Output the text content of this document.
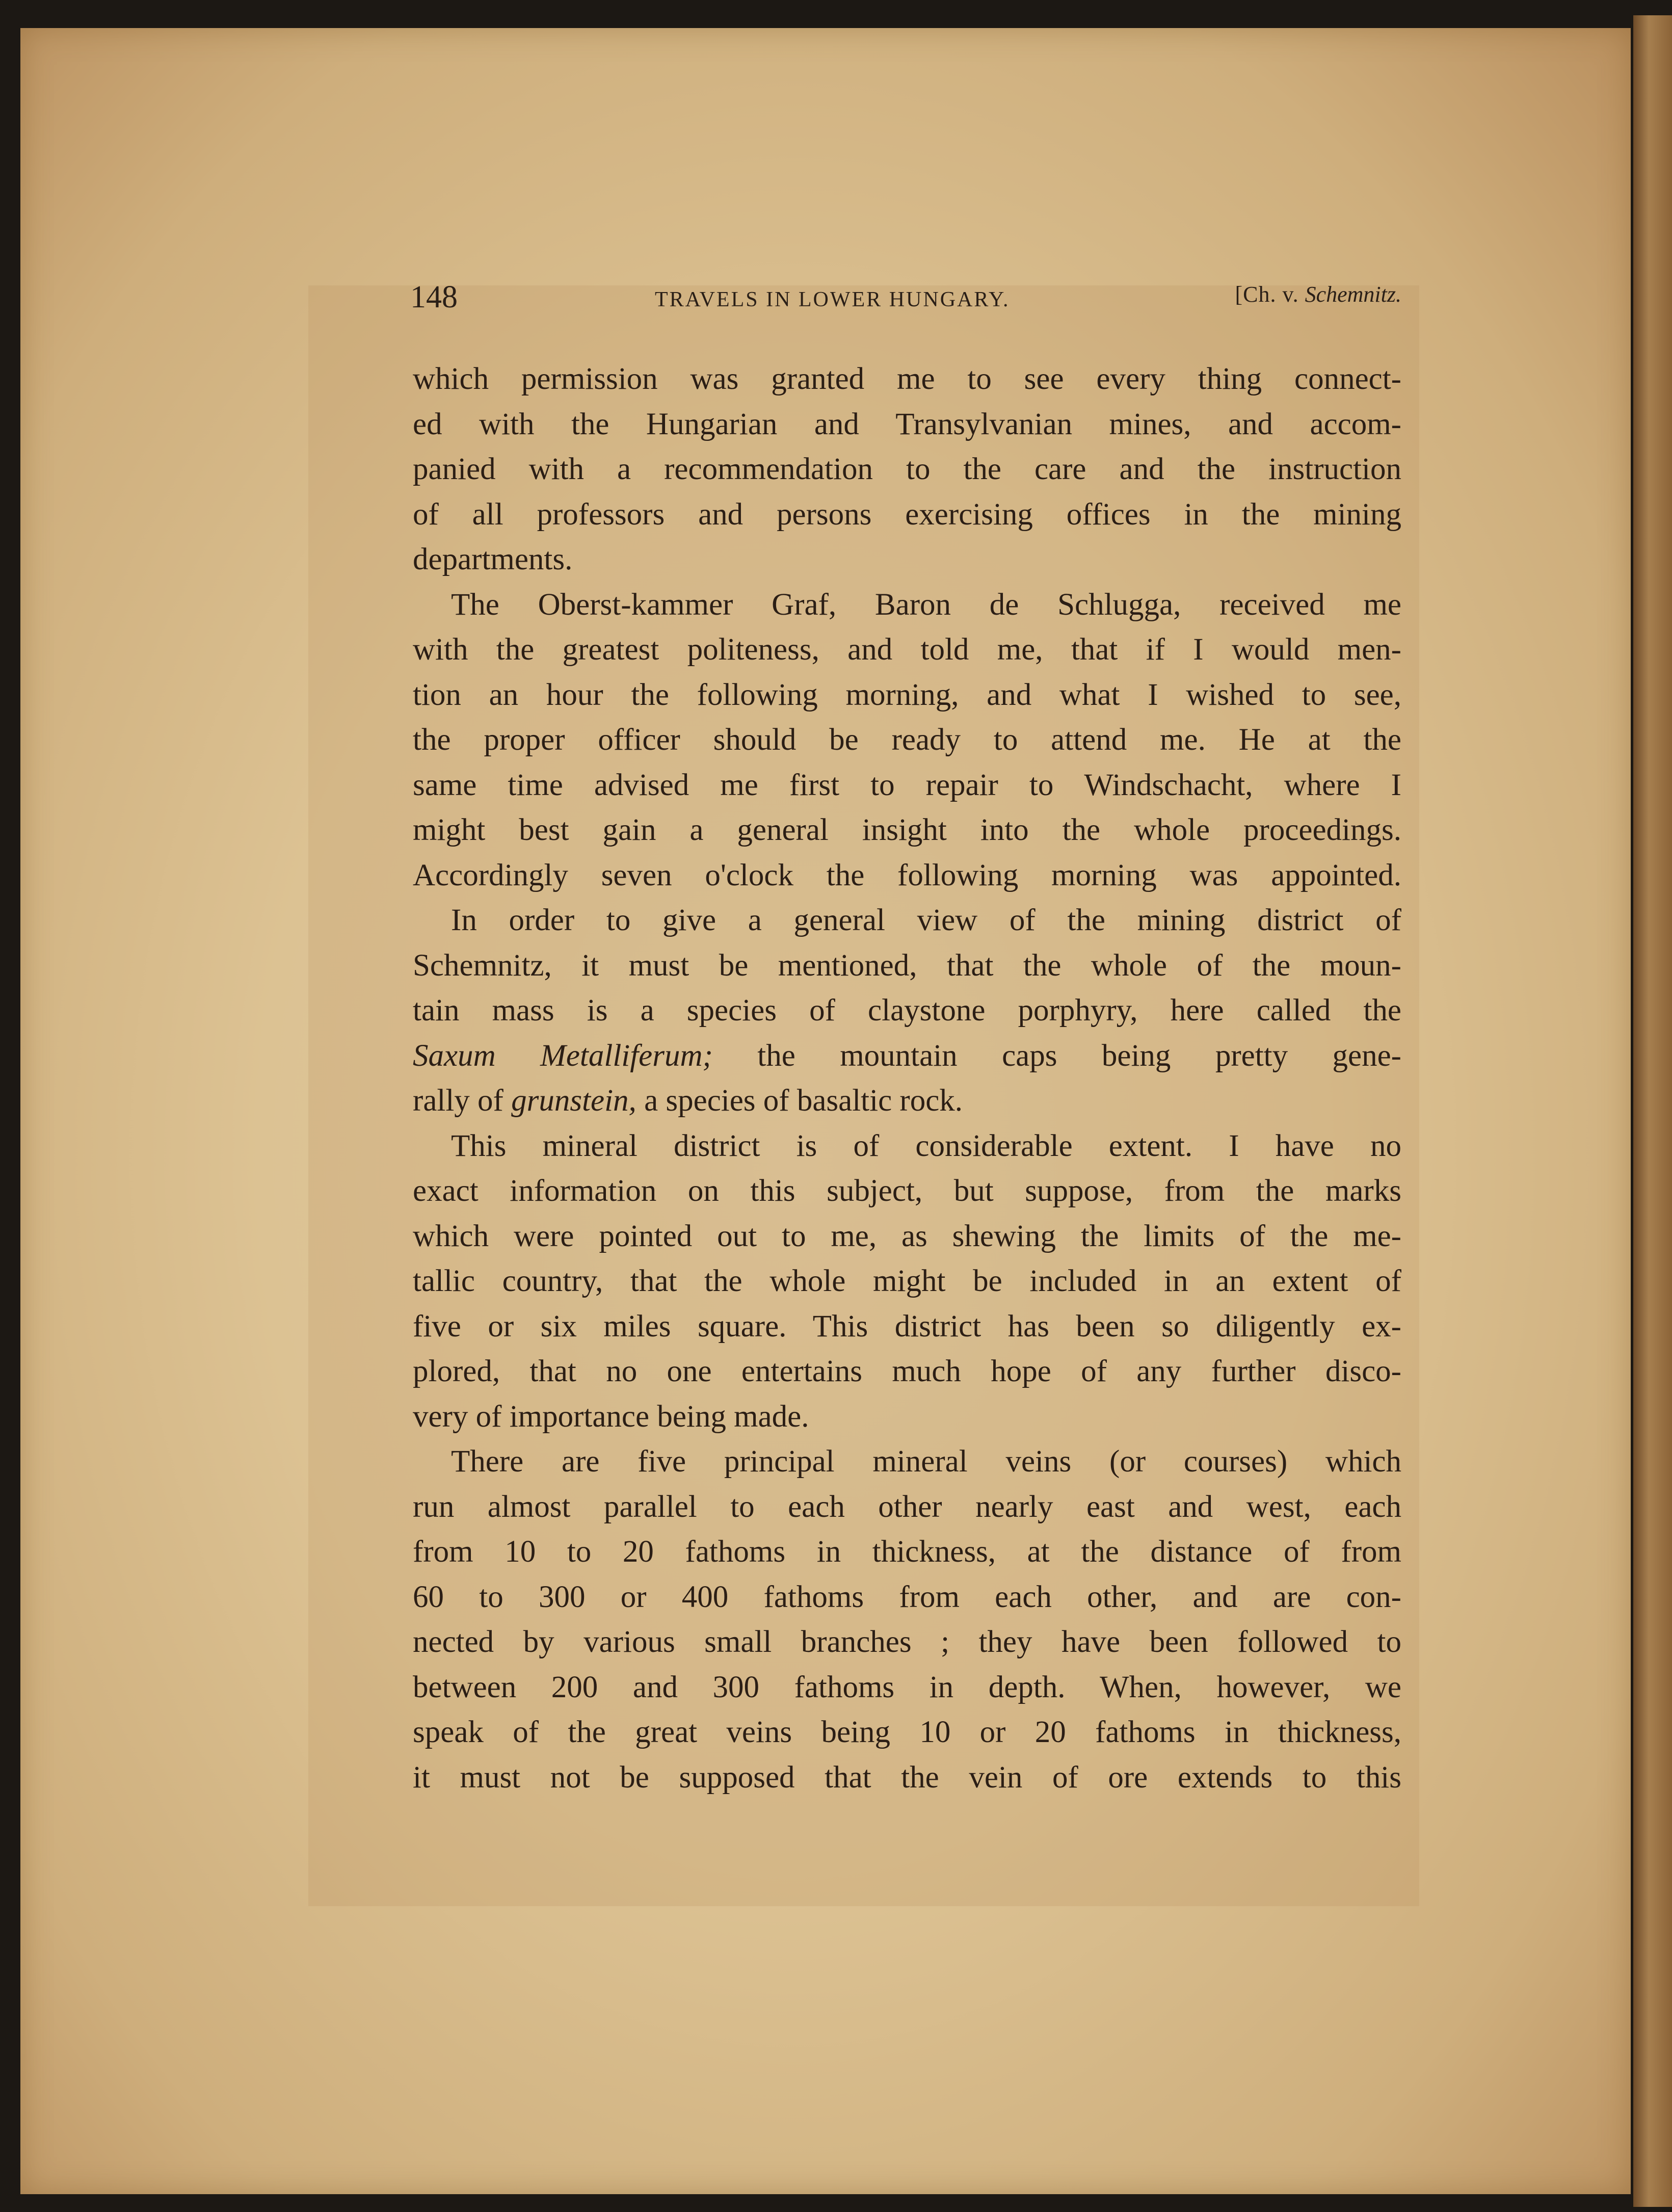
148	TRAVELS IN LOWER HUNGARY.	[Ch. v. Schemnitz.
which permission was granted me to see every thing connect-
ed with the Hungarian and Transylvanian mines, and accom-
panied with a recommendation to the care and the instruction
of all professors and persons exercising offices in the mining
departments.
The Oberst-kammer Graf, Baron de Schlugga, received me
with the greatest politeness, and told me, that if I would men-
tion an hour the following morning, and what I wished to see,
the proper officer should be ready to attend me. He at the
same time advised me first to repair to Windschacht, where I
might best gain a general insight into the whole proceedings.
Accordingly seven o'clock the following morning was appointed.
In order to give a general view of the mining district of
Schemnitz, it must be mentioned, that the whole of the moun-
tain mass is a species of claystone porphyry, here called the
Saxum Metalliferum; the mountain caps being pretty gene-
rally of grunstein, a species of basaltic rock.
This mineral district is of considerable extent. I have no
exact information on this subject, but suppose, from the marks
which were pointed out to me, as shewing the limits of the me-
tallic country, that the whole might be included in an extent of
five or six miles square. This district has been so diligently ex-
plored, that no one entertains much hope of any further disco-
very of importance being made.
There are five principal mineral veins (or courses) which
run almost parallel to each other nearly east and west, each
from 10 to 20 fathoms in thickness, at the distance of from
60 to 300 or 400 fathoms from each other, and are con-
nected by various small branches ; they have been followed to
between 200 and 300 fathoms in depth. When, however, we
speak of the great veins being 10 or 20 fathoms in thickness,
it must not be supposed that the vein of ore extends to this
